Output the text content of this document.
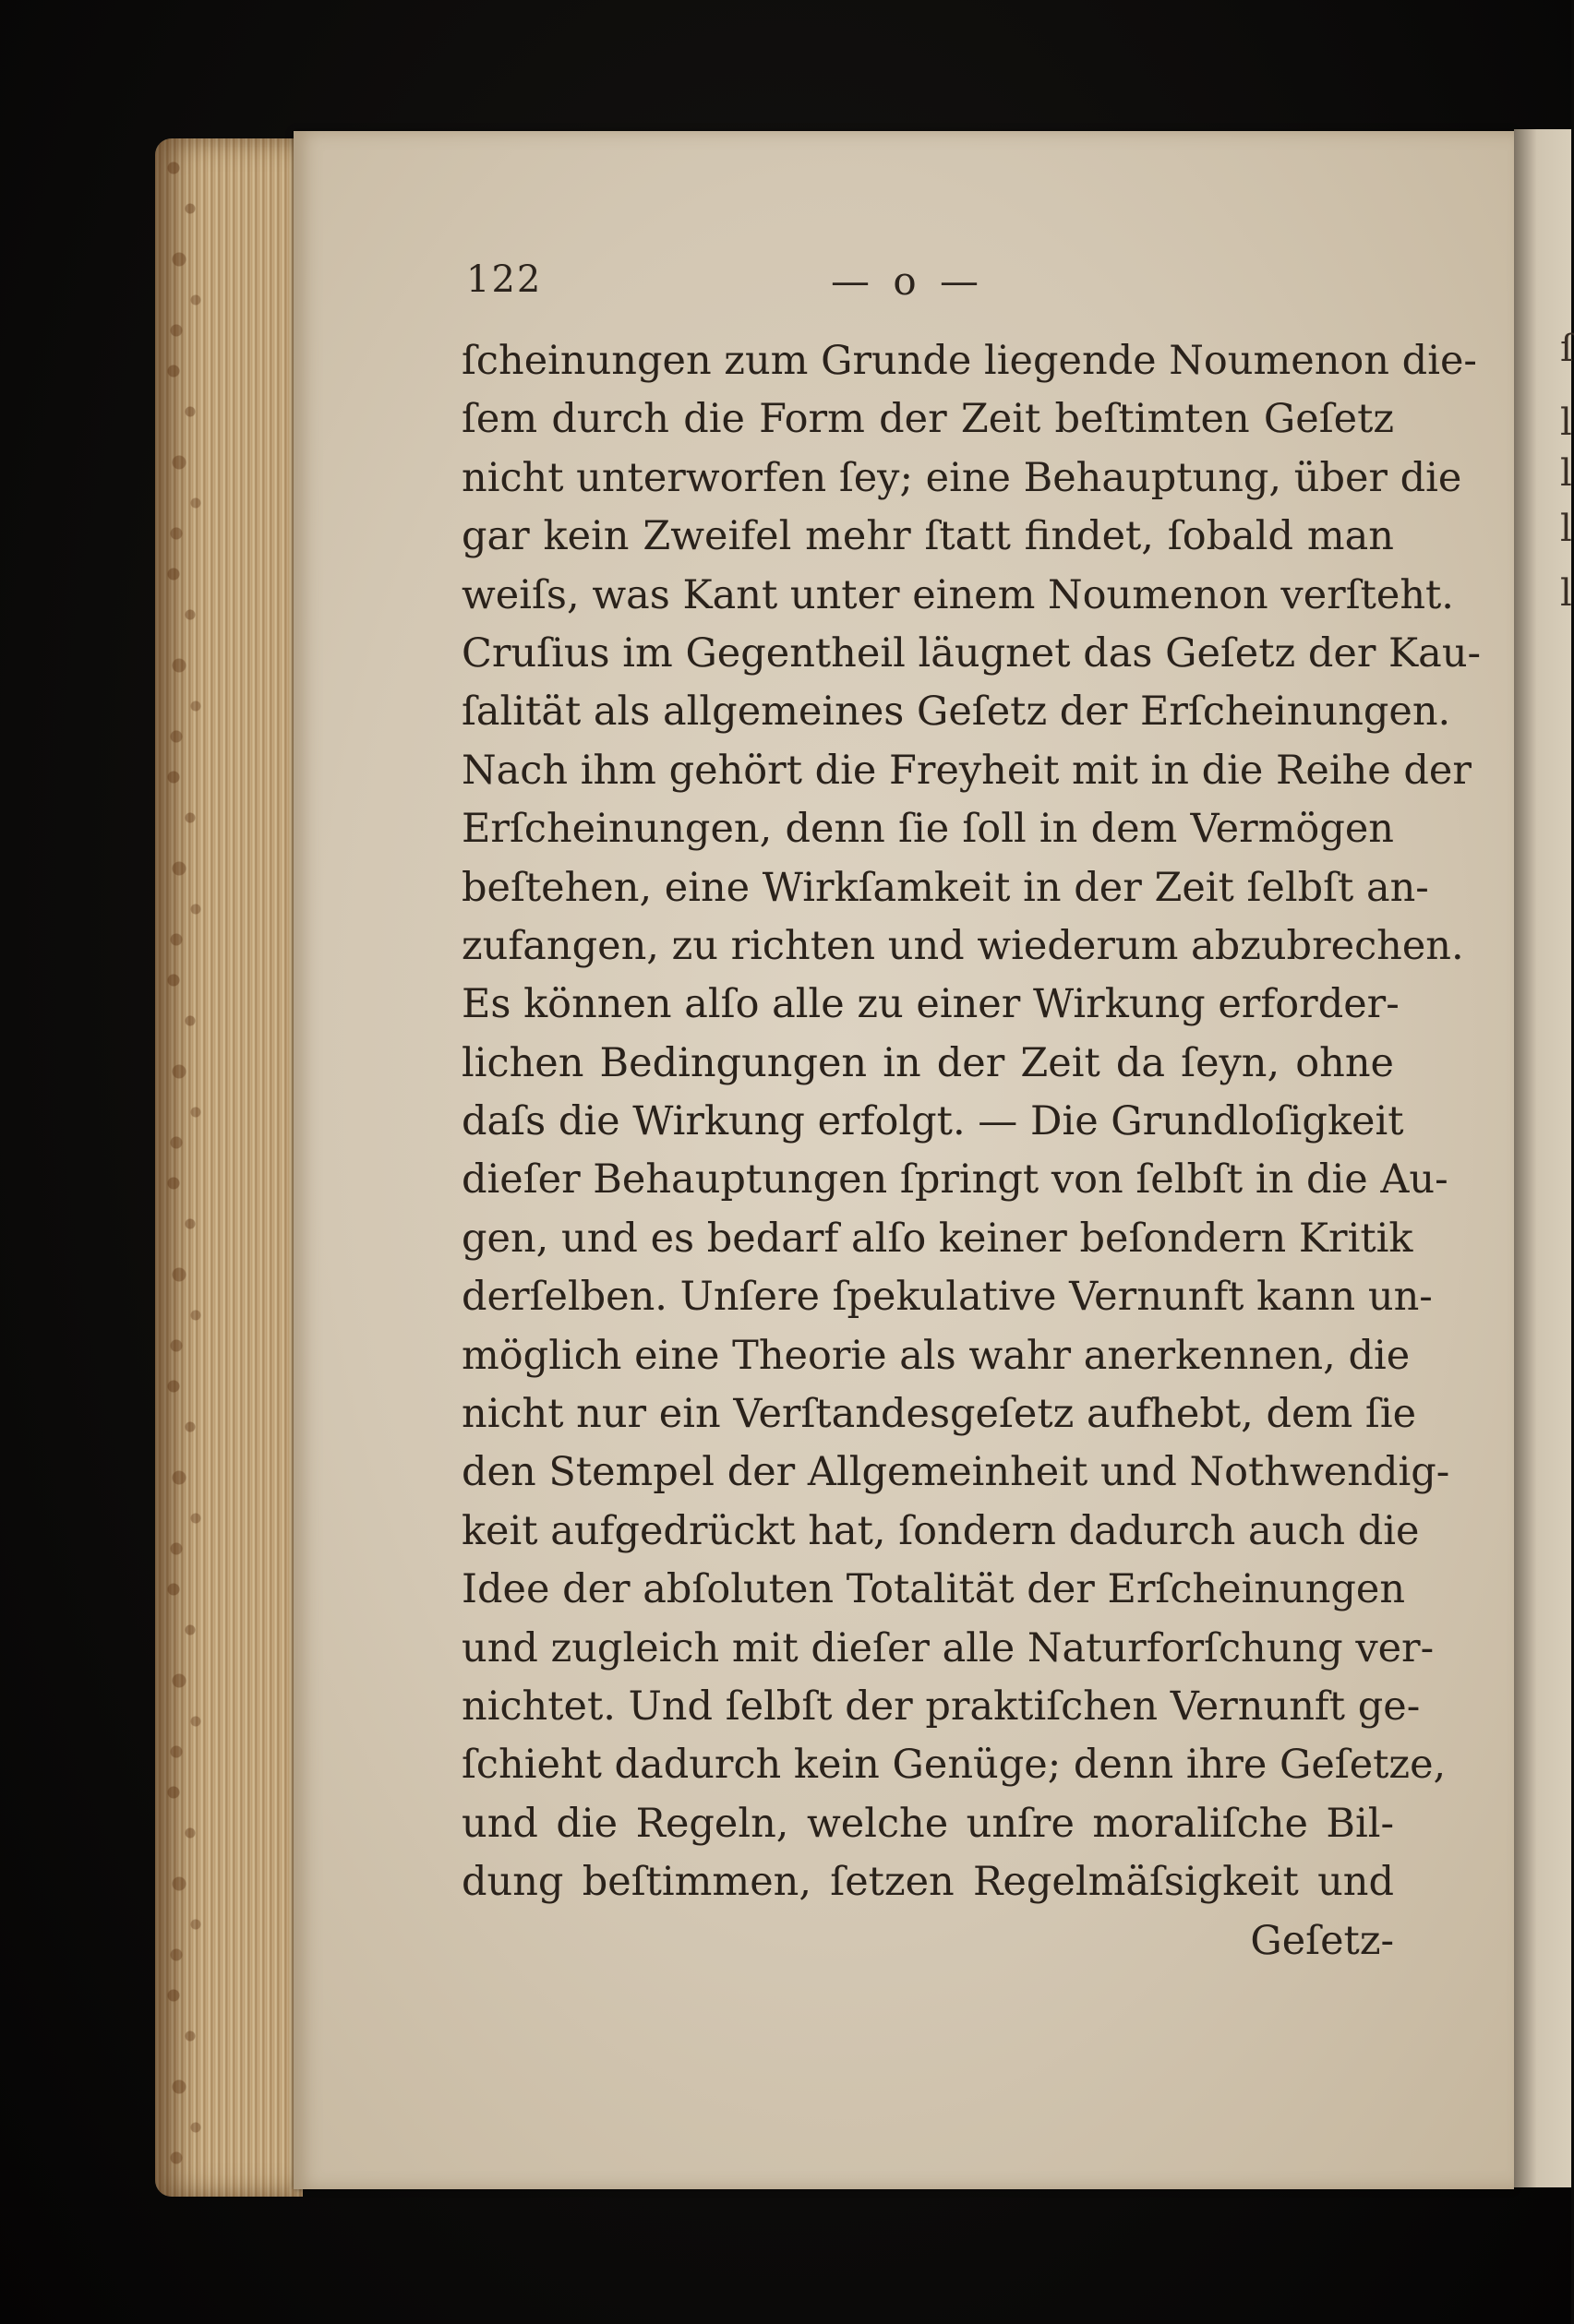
ſ
l
l
l
l
122	— o —
ſcheinungen zum Grunde liegende Noumenon die-
ſem durch die Form der Zeit beſtimten Geſetz
nicht unterworfen ſey; eine Behauptung, über die
gar kein Zweifel mehr ſtatt findet, ſobald man
weiſs, was Kant unter einem Noumenon verſteht.
Cruſius im Gegentheil läugnet das Geſetz der Kau-
ſalität als allgemeines Geſetz der Erſcheinungen.
Nach ihm gehört die Freyheit mit in die Reihe der
Erſcheinungen, denn ſie ſoll in dem Vermögen
beſtehen, eine Wirkſamkeit in der Zeit ſelbſt an-
zufangen, zu richten und wiederum abzubrechen.
Es können alſo alle zu einer Wirkung erforder-
lichen Bedingungen in der Zeit da ſeyn, ohne
daſs die Wirkung erfolgt. — Die Grundloſigkeit
dieſer Behauptungen ſpringt von ſelbſt in die Au-
gen, und es bedarf alſo keiner beſondern Kritik
derſelben. Unſere ſpekulative Vernunft kann un-
möglich eine Theorie als wahr anerkennen, die
nicht nur ein Verſtandesgeſetz aufhebt, dem ſie
den Stempel der Allgemeinheit und Nothwendig-
keit aufgedrückt hat, ſondern dadurch auch die
Idee der abſoluten Totalität der Erſcheinungen
und zugleich mit dieſer alle Naturforſchung ver-
nichtet. Und ſelbſt der praktiſchen Vernunft ge-
ſchieht dadurch kein Genüge; denn ihre Geſetze,
und die Regeln, welche unſre moraliſche Bil-
dung beſtimmen, ſetzen Regelmäſsigkeit und
Geſetz-
